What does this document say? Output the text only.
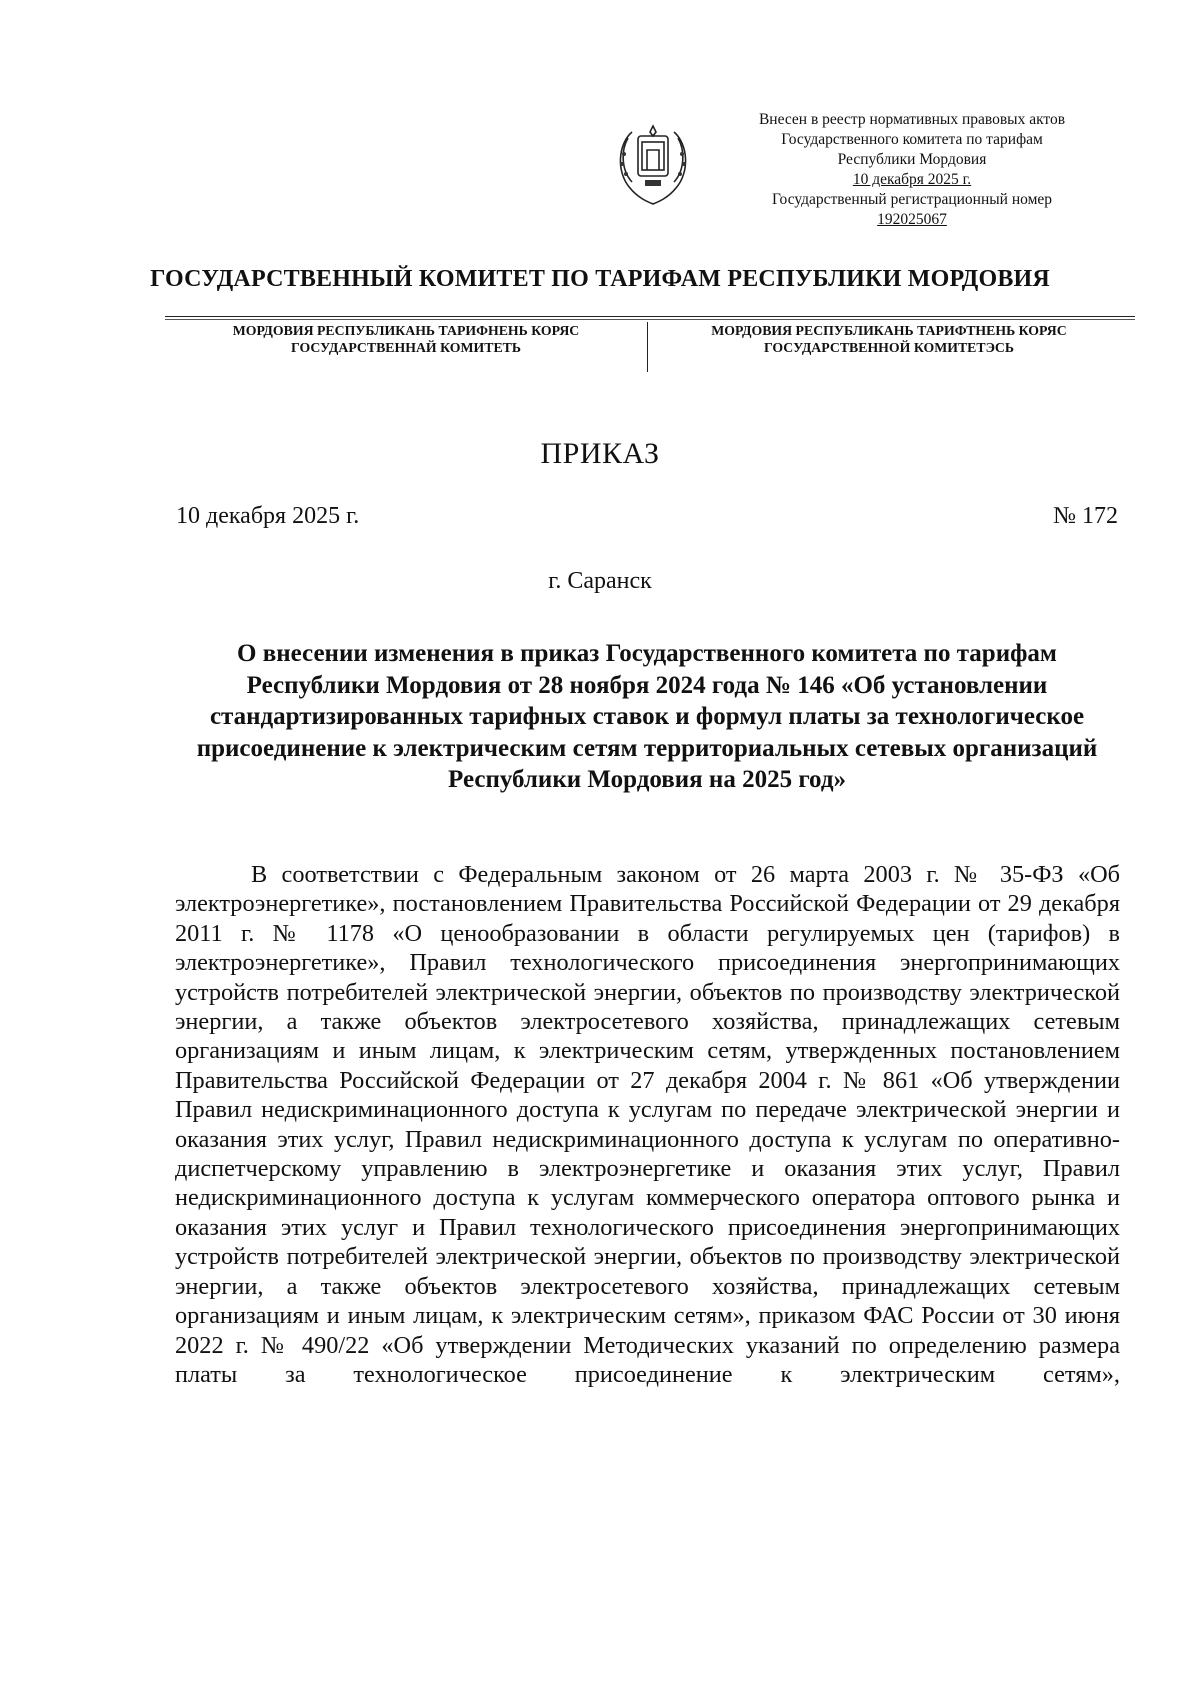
Внесен в реестр нормативных правовых актов
Государственного комитета по тарифам
Республики Мордовия
10 декабря 2025 г.
Государственный регистрационный номер
192025067
ГОСУДАРСТВЕННЫЙ КОМИТЕТ ПО ТАРИФАМ РЕСПУБЛИКИ МОРДОВИЯ
МОРДОВИЯ РЕСПУБЛИКАНЬ ТАРИФНЕНЬ КОРЯС
ГОСУДАРСТВЕННАЙ КОМИТЕТЬ
МОРДОВИЯ РЕСПУБЛИКАНЬ ТАРИФТНЕНЬ КОРЯС
ГОСУДАРСТВЕННОЙ КОМИТЕТЭСЬ
ПРИКАЗ
10 декабря 2025 г.	№ 172
г. Саранск
О внесении изменения в приказ Государственного комитета по тарифам Республики Мордовия от 28 ноября 2024 года № 146 «Об установлении стандартизированных тарифных ставок и формул платы за технологическое присоединение к электрическим сетям территориальных сетевых организаций Республики Мордовия на 2025 год»

В соответствии с Федеральным законом от 26 марта 2003 г. № 35-ФЗ «Об электроэнергетике», постановлением Правительства Российской Федерации от 29 декабря 2011 г. № 1178 «О ценообразовании в области регулируемых цен (тарифов) в электроэнергетике», Правил технологического присоединения энергопринимающих устройств потребителей электрической энергии, объектов по производству электрической энергии, а также объектов электросетевого хозяйства, принадлежащих сетевым организациям и иным лицам, к электрическим сетям, утвержденных постановлением Правительства Российской Федерации от 27 декабря 2004 г. № 861 «Об утверждении Правил недискриминационного доступа к услугам по передаче электрической энергии и оказания этих услуг, Правил недискриминационного доступа к услугам по оперативно-диспетчерскому управлению в электроэнергетике и оказания этих услуг, Правил недискриминационного доступа к услугам коммерческого оператора оптового рынка и оказания этих услуг и Правил технологического присоединения энергопринимающих устройств потребителей электрической энергии, объектов по производству электрической энергии, а также объектов электросетевого хозяйства, принадлежащих сетевым организациям и иным лицам, к электрическим сетям», приказом ФАС России от 30 июня 2022 г. № 490/22 «Об утверждении Методических указаний по определению размера платы за технологическое присоединение к электрическим сетям»,
